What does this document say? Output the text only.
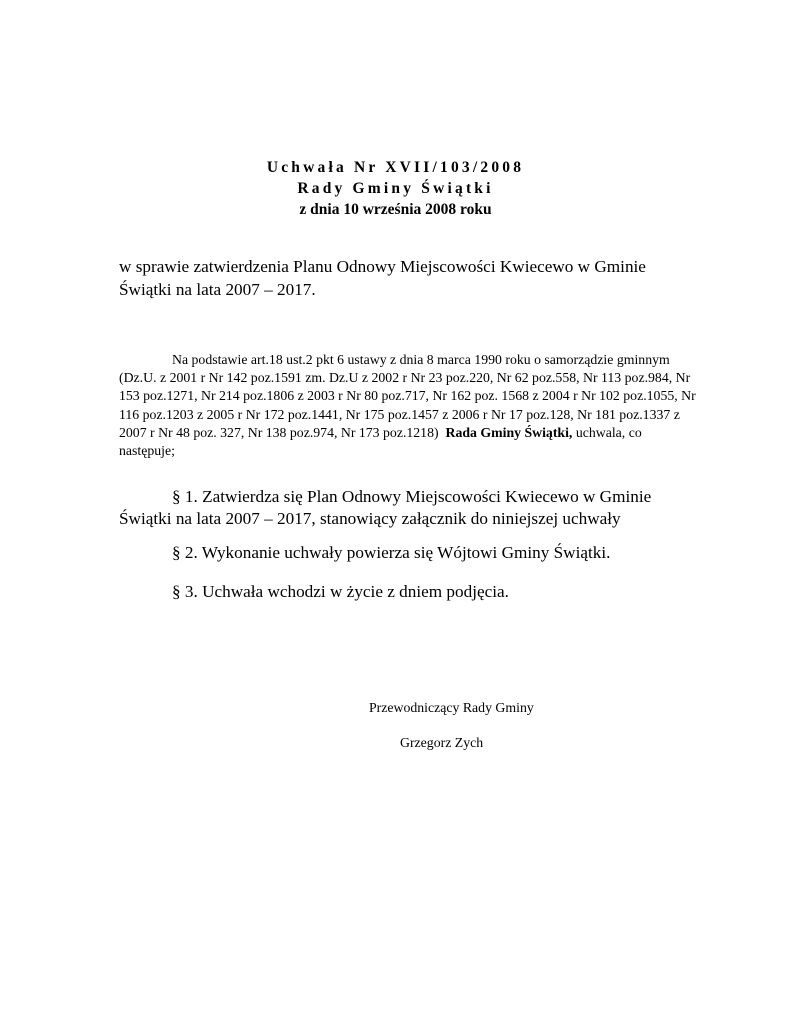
Uchwała Nr XVII/103/2008
Rady Gminy Świątki
z dnia 10 września 2008 roku
w sprawie zatwierdzenia Planu Odnowy Miejscowości Kwiecewo w Gminie Świątki na lata 2007 – 2017.
Na podstawie art.18 ust.2 pkt 6 ustawy z dnia 8 marca 1990 roku o samorządzie gminnym (Dz.U. z 2001 r Nr 142 poz.1591 zm. Dz.U z 2002 r Nr 23 poz.220, Nr 62 poz.558, Nr 113 poz.984, Nr 153 poz.1271, Nr 214 poz.1806 z 2003 r Nr 80 poz.717, Nr 162 poz. 1568 z 2004 r Nr 102 poz.1055, Nr 116 poz.1203 z 2005 r Nr 172 poz.1441, Nr 175 poz.1457 z 2006 r Nr 17 poz.128, Nr 181 poz.1337 z 2007 r Nr 48 poz. 327, Nr 138 poz.974, Nr 173 poz.1218) Rada Gminy Świątki, uchwala, co następuje;
§ 1. Zatwierdza się Plan Odnowy Miejscowości Kwiecewo w Gminie Świątki na lata 2007 – 2017, stanowiący załącznik do niniejszej uchwały
§ 2. Wykonanie uchwały powierza się Wójtowi Gminy Świątki.
§ 3. Uchwała wchodzi w życie z dniem podjęcia.
Przewodniczący Rady Gminy
Grzegorz Zych
